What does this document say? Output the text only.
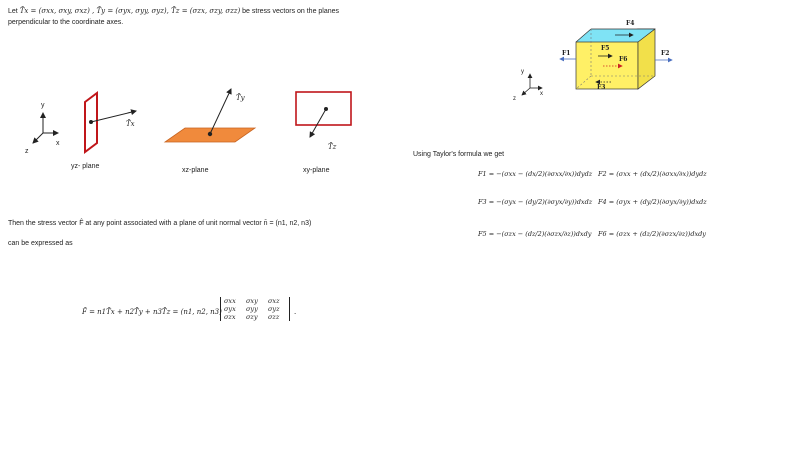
Let T̄x = (σxx, σxy, σxz) , T̄y = (σyx, σyy, σyz), T̄z = (σzx, σzy, σzz) be stress vectors on the planes
perpendicular to the coordinate axes.
y
x
z
T̄x
T̄y
T̄z
yz- plane
xz-plane	xy-plane
y
x
z
F4
F1	F2
F5
F6
F3
Using Taylor's formula we get
F1 = −(σxx − (dx/2)(∂σxx/∂x))dydz F2 = (σxx + (dx/2)(∂σxx/∂x))dydz
F3 = −(σyx − (dy/2)(∂σyx/∂y))dxdz F4 = (σyx + (dy/2)(∂σyx/∂y))dxdz
F5 = −(σzx − (dz/2)(∂σzx/∂z))dxdy F6 = (σzx + (dz/2)(∂σzx/∂z))dxdy
Then the stress vector F̂ at any point associated with a plane of unit normal vector n̄ = (n1, n2, n3)
can be expressed as
F̄ = n1T̄x + n2T̄y + n3T̄z = (n1, n2, n3)
σxx σxy σxz
σyx σyy σyz
σzx σzy σzz
.
